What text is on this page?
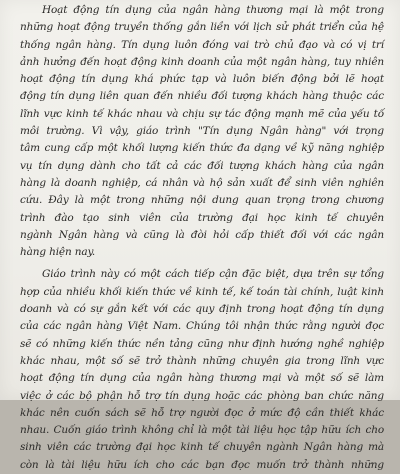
Hoạt động tín dụng của ngân hàng thương mại là một trong
những hoạt động truyền thống gắn liền với lịch sử phát triển của hệ
thống ngân hàng. Tín dụng luôn đóng vai trò chủ đạo và có vị trí
ảnh hưởng đến hoạt động kinh doanh của một ngân hàng, tuy nhiên
hoạt động tín dụng khá phức tạp và luôn biến động bởi lẽ hoạt
động tín dụng liên quan đến nhiều đối tượng khách hàng thuộc các
lĩnh vực kinh tế khác nhau và chịu sự tác động mạnh mẽ của yếu tố
môi trường. Vì vậy, giáo trình "Tín dụng Ngân hàng" với trọng
tâm cung cấp một khối lượng kiến thức đa dạng về kỹ năng nghiệp
vụ tín dụng dành cho tất cả các đối tượng khách hàng của ngân
hàng là doanh nghiệp, cá nhân và hộ sản xuất để sinh viên nghiên
cứu. Đây là một trong những nội dung quan trọng trong chương
trình đào tạo sinh viên của trường đại học kinh tế chuyên
ngành Ngân hàng và cũng là đòi hỏi cấp thiết đối với các ngân
hàng hiện nay.
Giáo trình này có một cách tiếp cận đặc biệt, dựa trên sự tổng
hợp của nhiều khối kiến thức về kinh tế, kế toán tài chính, luật kinh
doanh và có sự gắn kết với các quy định trong hoạt động tín dụng
của các ngân hàng Việt Nam. Chúng tôi nhận thức rằng người đọc
sẽ có những kiến thức nền tảng cũng như định hướng nghề nghiệp
khác nhau, một số sẽ trở thành những chuyên gia trong lĩnh vực
hoạt động tín dụng của ngân hàng thương mại và một số sẽ làm
việc ở các bộ phận hỗ trợ tín dụng hoặc các phòng ban chức năng
khác nên cuốn sách sẽ hỗ trợ người đọc ở mức độ cần thiết khác
nhau. Cuốn giáo trình không chỉ là một tài liệu học tập hữu ích cho
sinh viên các trường đại học kinh tế chuyên ngành Ngân hàng mà
còn là tài liệu hữu ích cho các bạn đọc muốn trở thành những
